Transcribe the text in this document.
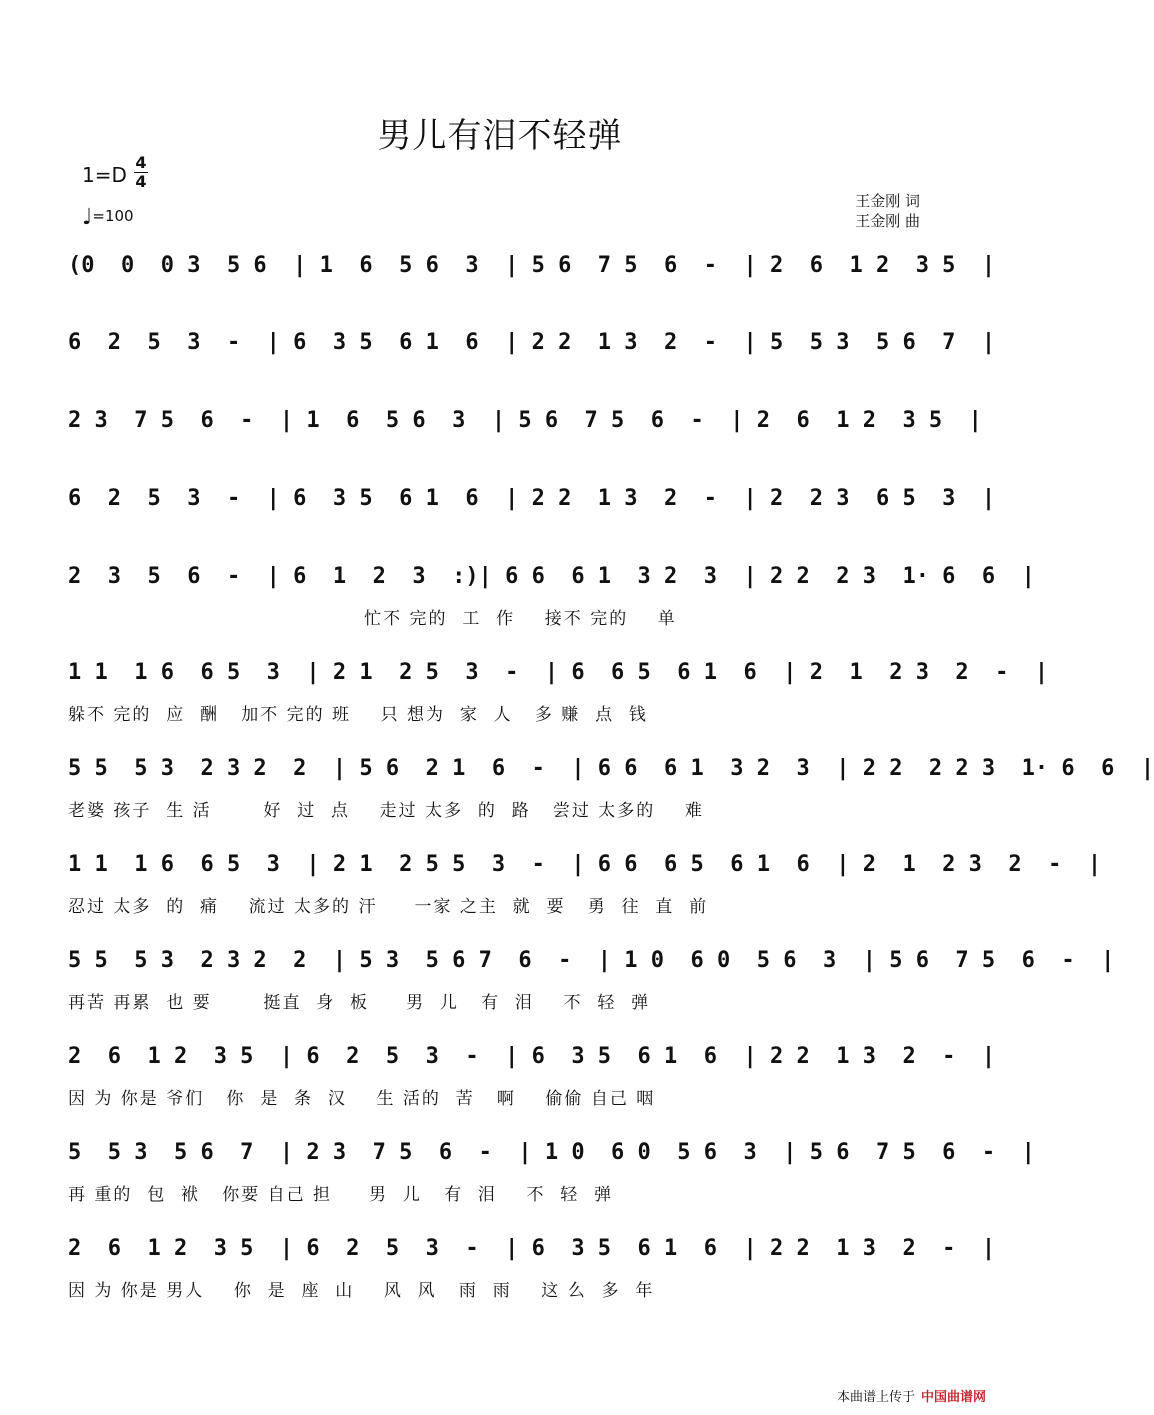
男儿有泪不轻弹
$1=D \frac{4}{4}$
♩=100
王金刚 词
王金刚 曲
(0  0  0 3  5 6  | 1  6  5 6  3  | 5 6  7 5  6  -  | 2  6  1 2  3 5  |
6  2  5  3  -  | 6  3 5  6 1  6  | 2 2  1 3  2  -  | 5  5 3  5 6  7  |
2 3  7 5  6  -  | 1  6  5 6  3  | 5 6  7 5  6  -  | 2  6  1 2  3 5  |
6  2  5  3  -  | 6  3 5  6 1  6  | 2 2  1 3  2  -  | 2  2 3  6 5  3  |
2  3  5  6  -  | 6  1  2  3  :)| 6 6  6 1  3 2  3  | 2 2  2 3  1· 6  6  |
忙不 完的  工  作    接不 完的    单
1 1  1 6  6 5  3  | 2 1  2 5  3  -  | 6  6 5  6 1  6  | 2  1  2 3  2  -  |
躲不 完的  应  酬   加不 完的 班    只 想为  家  人   多 赚  点  钱
5 5  5 3  2 3 2  2  | 5 6  2 1  6  -  | 6 6  6 1  3 2  3  | 2 2  2 2 3  1· 6  6  |
老婆 孩子  生 活       好  过  点    走过 太多  的  路   尝过 太多的    难
1 1  1 6  6 5  3  | 2 1  2 5 5  3  -  | 6 6  6 5  6 1  6  | 2  1  2 3  2  -  |
忍过 太多  的  痛    流过 太多的 汗     一家 之主  就  要   勇  往  直  前
5 5  5 3  2 3 2  2  | 5 3  5 6 7  6  -  | 1 0  6 0  5 6  3  | 5 6  7 5  6  -  |
再苦 再累  也 要       挺直  身  板     男  儿   有  泪    不  轻  弹
2  6  1 2  3 5  | 6  2  5  3  -  | 6  3 5  6 1  6  | 2 2  1 3  2  -  |
因 为 你是 爷们   你  是  条  汉    生 活的  苦   啊    偷偷 自己 咽
5  5 3  5 6  7  | 2 3  7 5  6  -  | 1 0  6 0  5 6  3  | 5 6  7 5  6  -  |
再 重的  包  袱   你要 自己 担     男  儿   有  泪    不  轻  弹
2  6  1 2  3 5  | 6  2  5  3  -  | 6  3 5  6 1  6  | 2 2  1 3  2  -  |
因 为 你是 男人    你  是  座  山    风  风   雨  雨    这 么  多  年
本曲谱上传于 中国曲谱网
